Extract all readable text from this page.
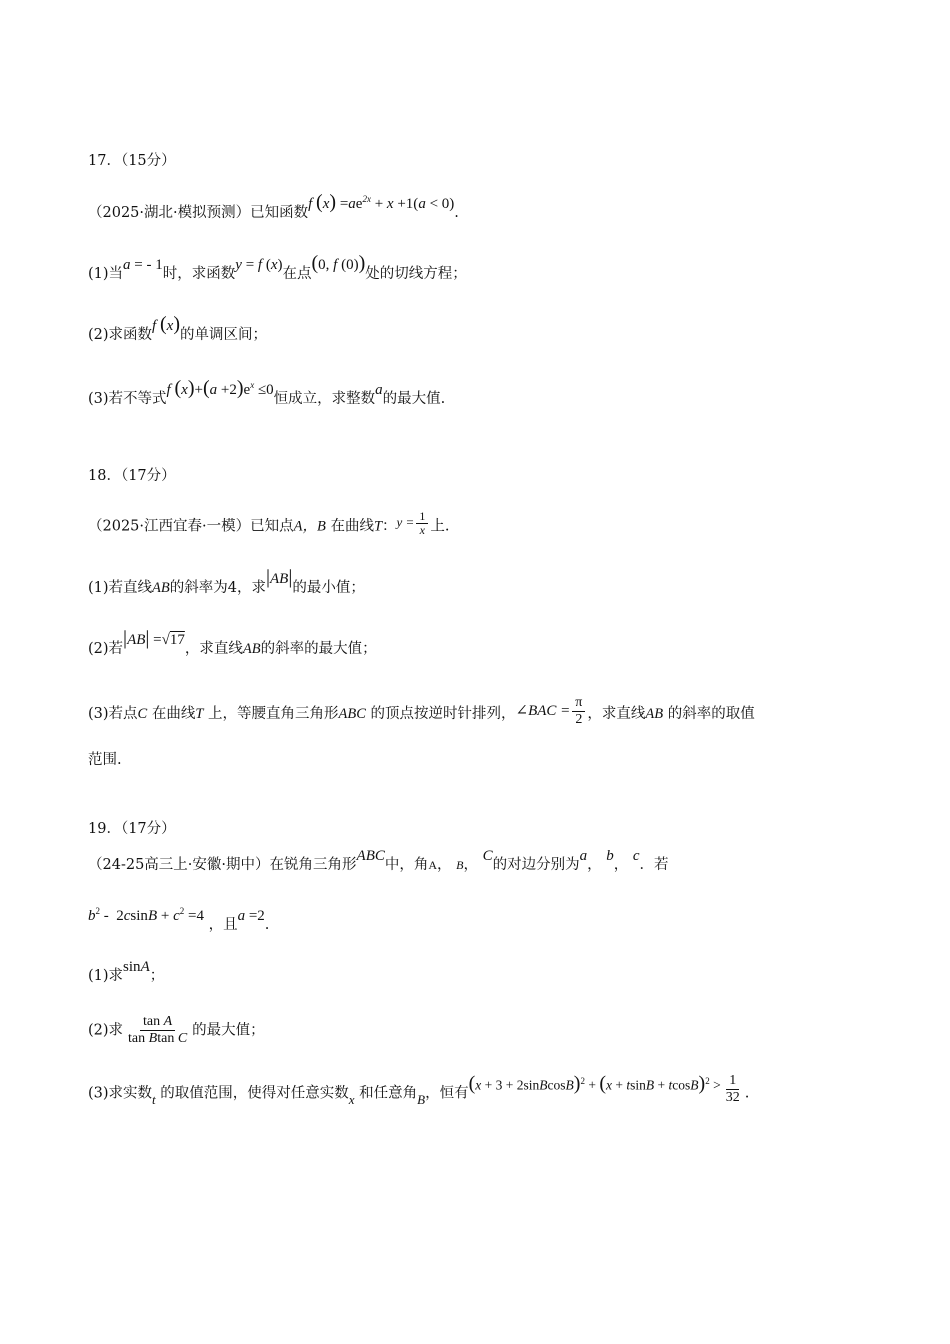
17．（15分）
（2025·湖北·模拟预测）已知函数f $(x) =ae^{2x} + x +1(a < 0)$.
(1)当a = - 1时，求函数y = f (x)在点(0, f (0))处的切线方程；
(2)求函数f (x)的单调区间；
(3)若不等式f $(x)+(a +2)e^x \le 0$恒成立，求整数a的最大值.
18．（17分）
（2025·江西宜春·一模）已知点A，B 在曲线T：$y = \frac{1}{x}$ 上.
(1)若直线AB的斜率为4，求|AB|的最小值；
(2)若|AB| =√17，求直线AB的斜率的最大值；
(3)若点C 在曲线T 上，等腰直角三角形ABC 的顶点按逆时针排列，∠BAC = $\frac{\pi}{2}$ ，求直线AB 的斜率的取值
范围.
19．（17分）
（24-25高三上·安徽·期中）在锐角三角形ABC中，角A， B， C的对边分别为a， b， c．若
$b^2 - 2csinB + c^2 =4$ ，且a =2.
(1)求sinA；
(2)求 $\frac{\text{tan A}}{\text{tan Btan C}}$ 的最大值；
(3)求实数t 的取值范围，使得对任意实数x 和任意角B，恒有(x + 3 + 2sinBcosB)$^2$ + $(x + tsinB + tcosB)^2 > \frac{1}{32}$ .
